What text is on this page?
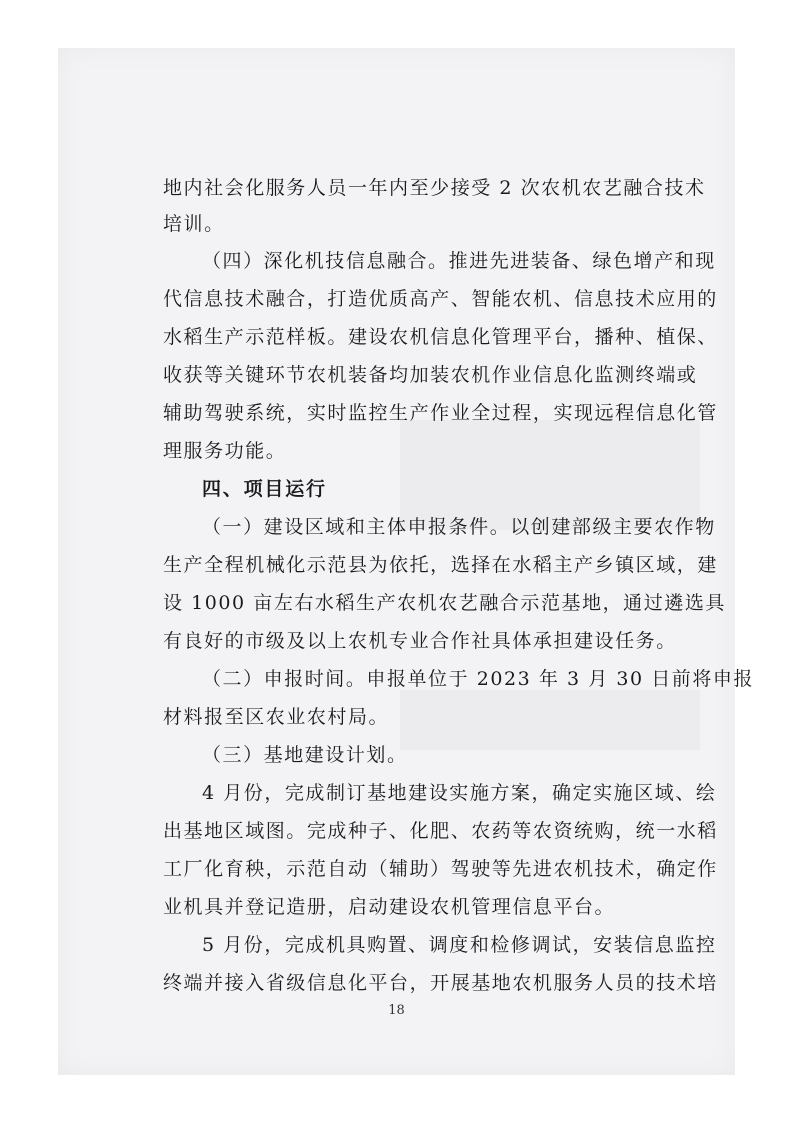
地内社会化服务人员一年内至少接受 2 次农机农艺融合技术
培训。
（四）深化机技信息融合。推进先进装备、绿色增产和现
代信息技术融合，打造优质高产、智能农机、信息技术应用的
水稻生产示范样板。建设农机信息化管理平台，播种、植保、
收获等关键环节农机装备均加装农机作业信息化监测终端或
辅助驾驶系统，实时监控生产作业全过程，实现远程信息化管
理服务功能。
四、项目运行
（一）建设区域和主体申报条件。以创建部级主要农作物
生产全程机械化示范县为依托，选择在水稻主产乡镇区域，建
设 1000 亩左右水稻生产农机农艺融合示范基地，通过遴选具
有良好的市级及以上农机专业合作社具体承担建设任务。
（二）申报时间。申报单位于 2023 年 3 月 30 日前将申报
材料报至区农业农村局。
（三）基地建设计划。
4 月份，完成制订基地建设实施方案，确定实施区域、绘
出基地区域图。完成种子、化肥、农药等农资统购，统一水稻
工厂化育秧，示范自动（辅助）驾驶等先进农机技术，确定作
业机具并登记造册，启动建设农机管理信息平台。
5 月份，完成机具购置、调度和检修调试，安装信息监控
终端并接入省级信息化平台，开展基地农机服务人员的技术培
18
